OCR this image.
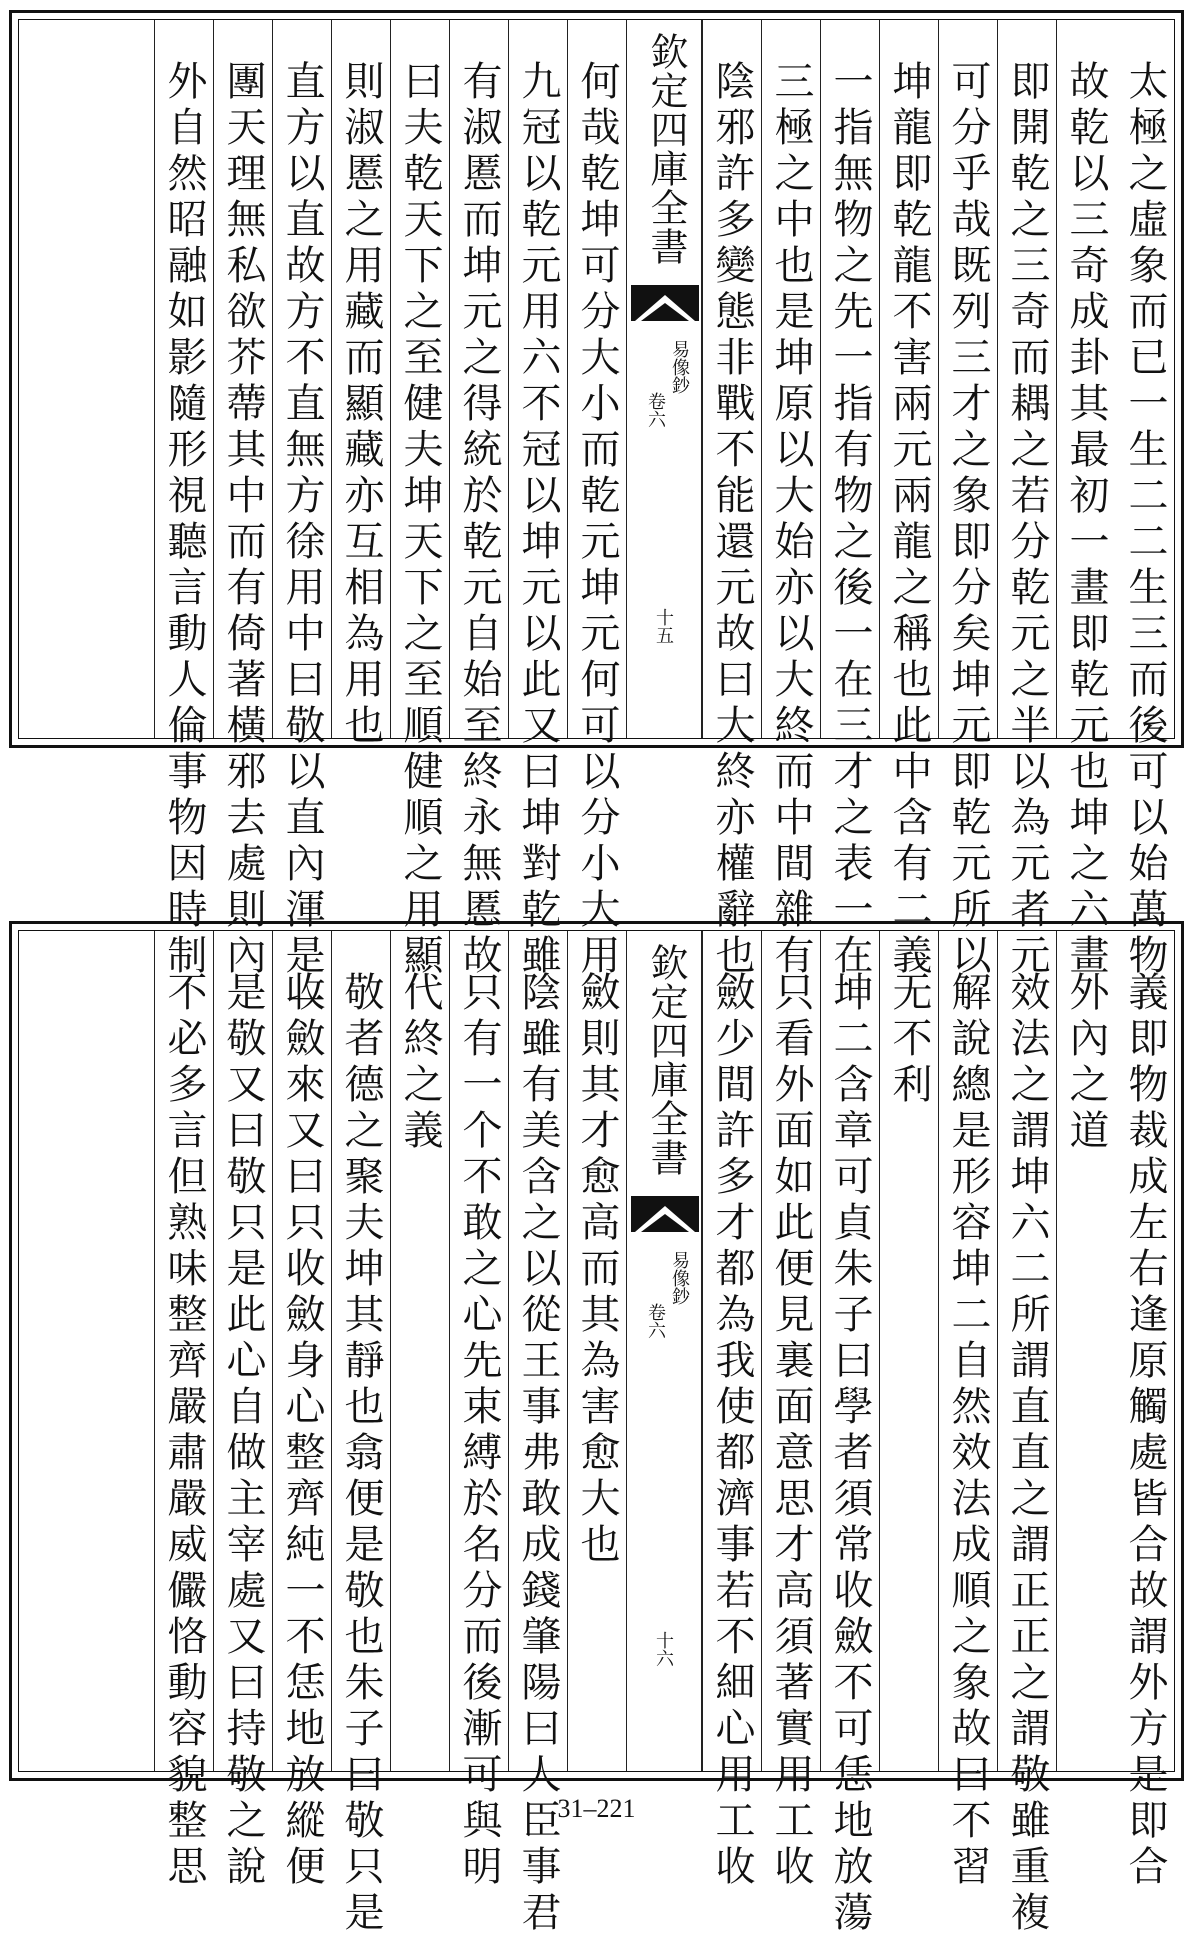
太極之虛象而已一生二二生三而後可以始萬物
故乾以三奇成卦其最初一畫即乾元也坤之六畫
即開乾之三奇而耦之若分乾元之半以為元者元
可分乎哉既列三才之象即分矣坤元即乾元所以
坤龍即乾龍不害兩元兩龍之稱也此中含有二義
一指無物之先一指有物之後一在三才之表一在
三極之中也是坤原以大始亦以大終而中間雜有
陰邪許多變態非戰不能還元故曰大終亦權辭也
欽定四庫全書
易像鈔
卷六
十五
何哉乾坤可分大小而乾元坤元何可以分小大用
九冠以乾元用六不冠以坤元以此又曰坤對乾雖
有淑慝而坤元之得統於乾元自始至終永無慝故
曰夫乾天下之至健夫坤天下之至順健順之用顯
則淑慝之用藏而顯藏亦互相為用也
直方以直故方不直無方徐用中曰敬以直內渾是一
團天理無私欲芥蔕其中而有倚著橫邪去處則內
外自然昭融如影隨形視聽言動人倫事物因時制
義即物裁成左右逢原觸處皆合故謂外方是即合
外內之道
效法之謂坤六二所謂直直之謂正正之謂敬雖重複
解說總是形容坤二自然效法成順之象故曰不習
无不利
坤二含章可貞朱子曰學者須常收斂不可恁地放蕩
只看外面如此便見裏面意思才高須著實用工收
斂少間許多才都為我使都濟事若不細心用工收
欽定四庫全書
易像鈔
卷六
十六
斂則其才愈高而其為害愈大也
陰雖有美含之以從王事弗敢成錢肇陽曰人臣事君
只有一个不敢之心先束縛於名分而後漸可與明
代終之義
敬者德之聚夫坤其靜也翕便是敬也朱子曰敬只是
收斂來又曰只收斂身心整齊純一不恁地放縱便
是敬又曰敬只是此心自做主宰處又曰持敬之說
不必多言但熟味整齊嚴肅嚴威儼恪動容貌整思	31–221
